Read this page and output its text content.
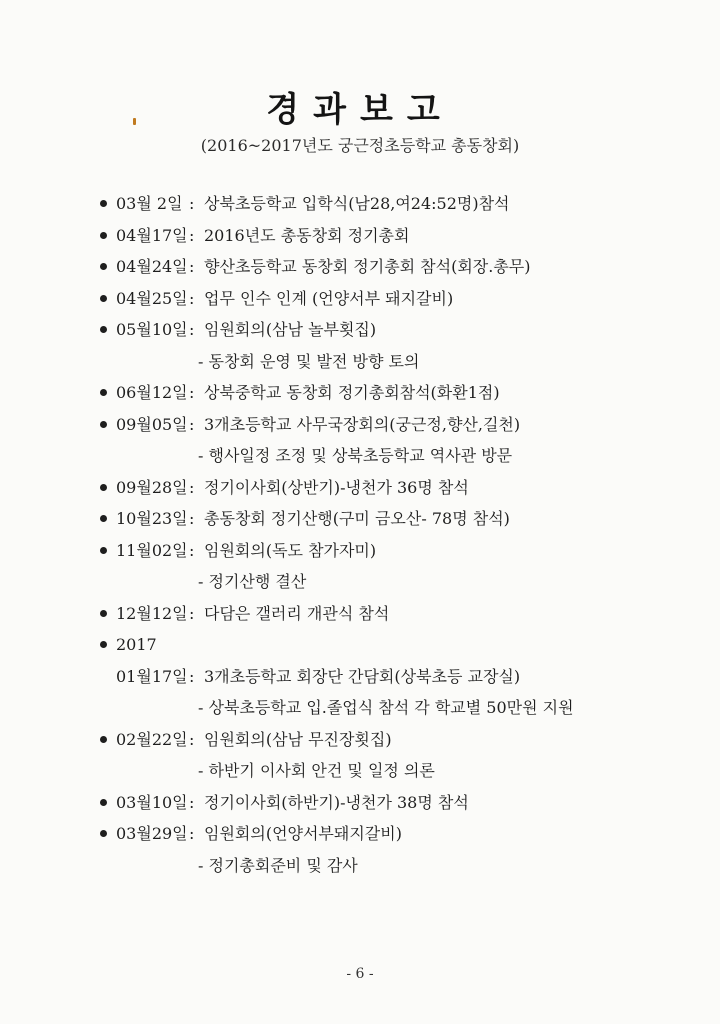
경과보고
(2016~2017년도 궁근정초등학교 총동창회)
03월 2일 : 상북초등학교 입학식(남28,여24:52명)참석
04월17일 : 2016년도 총동창회 정기총회
04월24일 : 향산초등학교 동창회 정기총회 참석(회장.총무)
04월25일 : 업무 인수 인계 (언양서부 돼지갈비)
05월10일 : 임원회의(삼남 놀부횟집)
- 동창회 운영 및 발전 방향 토의
06월12일 : 상북중학교 동창회 정기총회참석(화환1점)
09월05일 : 3개초등학교 사무국장회의(궁근정,향산,길천)
- 행사일정 조정 및 상북초등학교 역사관 방문
09월28일 : 정기이사회(상반기)-냉천가 36명 참석
10월23일 : 총동창회 정기산행(구미 금오산- 78명 참석)
11월02일 : 임원회의(독도 참가자미)
- 정기산행 결산
12월12일 : 다담은 갤러리 개관식 참석
2017
01월17일 : 3개초등학교 회장단 간담회(상북초등 교장실)
- 상북초등학교 입.졸업식 참석 각 학교별 50만원 지원
02월22일 : 임원회의(삼남 무진장횟집)
- 하반기 이사회 안건 및 일정 의론
03월10일 : 정기이사회(하반기)-냉천가 38명 참석
03월29일 : 임원회의(언양서부돼지갈비)
- 정기총회준비 및 감사
- 6 -
